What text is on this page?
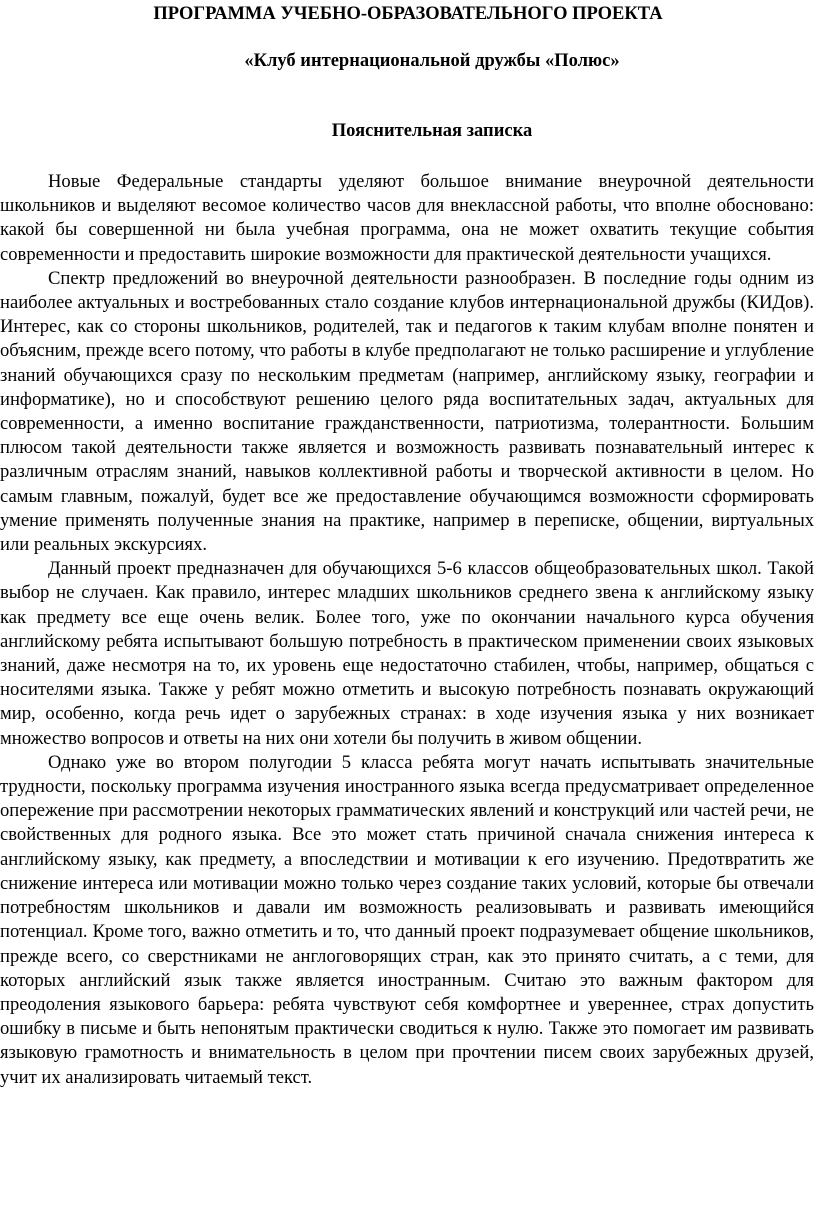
ПРОГРАММА УЧЕБНО-ОБРАЗОВАТЕЛЬНОГО ПРОЕКТА
«Клуб интернациональной дружбы «Полюс»
Пояснительная записка

Новые Федеральные стандарты уделяют большое внимание внеурочной деятельности школьников и выделяют весомое количество часов для внеклассной работы, что вполне обосновано: какой бы совершенной ни была учебная программа, она не может охватить текущие события современности и предоставить широкие возможности для практической деятельности учащихся.

Спектр предложений во внеурочной деятельности разнообразен. В последние годы одним из наиболее актуальных и востребованных стало создание клубов интернациональной дружбы (КИДов). Интерес, как со стороны школьников, родителей, так и педагогов к таким клубам вполне понятен и объясним, прежде всего потому, что работы в клубе предполагают не только расширение и углубление знаний обучающихся сразу по нескольким предметам (например, английскому языку, географии и информатике), но и способствуют решению целого ряда воспитательных задач, актуальных для современности, а именно воспитание гражданственности, патриотизма, толерантности. Большим плюсом такой деятельности также является и возможность развивать познавательный интерес к различным отраслям знаний, навыков коллективной работы и творческой активности в целом. Но самым главным, пожалуй, будет все же предоставление обучающимся возможности сформировать умение применять полученные знания на практике, например в переписке, общении, виртуальных или реальных экскурсиях.

Данный проект предназначен для обучающихся 5-6 классов общеобразовательных школ. Такой выбор не случаен. Как правило, интерес младших школьников среднего звена к английскому языку как предмету все еще очень велик. Более того, уже по окончании начального курса обучения английскому ребята испытывают большую потребность в практическом применении своих языковых знаний, даже несмотря на то, их уровень еще недостаточно стабилен, чтобы, например, общаться с носителями языка. Также у ребят можно отметить и высокую потребность познавать окружающий мир, особенно, когда речь идет о зарубежных странах: в ходе изучения языка у них возникает множество вопросов и ответы на них они хотели бы получить в живом общении.

Однако уже во втором полугодии 5 класса ребята могут начать испытывать значительные трудности, поскольку программа изучения иностранного языка всегда предусматривает определенное опережение при рассмотрении некоторых грамматических явлений и конструкций или частей речи, не свойственных для родного языка. Все это может стать причиной сначала снижения интереса к английскому языку, как предмету, а впоследствии и мотивации к его изучению. Предотвратить же снижение интереса или мотивации можно только через создание таких условий, которые бы отвечали потребностям школьников и давали им возможность реализовывать и развивать имеющийся потенциал. Кроме того, важно отметить и то, что данный проект подразумевает общение школьников, прежде всего, со сверстниками не англоговорящих стран, как это принято считать, а с теми, для которых английский язык также является иностранным. Считаю это важным фактором для преодоления языкового барьера: ребята чувствуют себя комфортнее и увереннее, страх допустить ошибку в письме и быть непонятым практически сводиться к нулю. Также это помогает им развивать языковую грамотность и внимательность в целом при прочтении писем своих зарубежных друзей, учит их анализировать читаемый текст.
